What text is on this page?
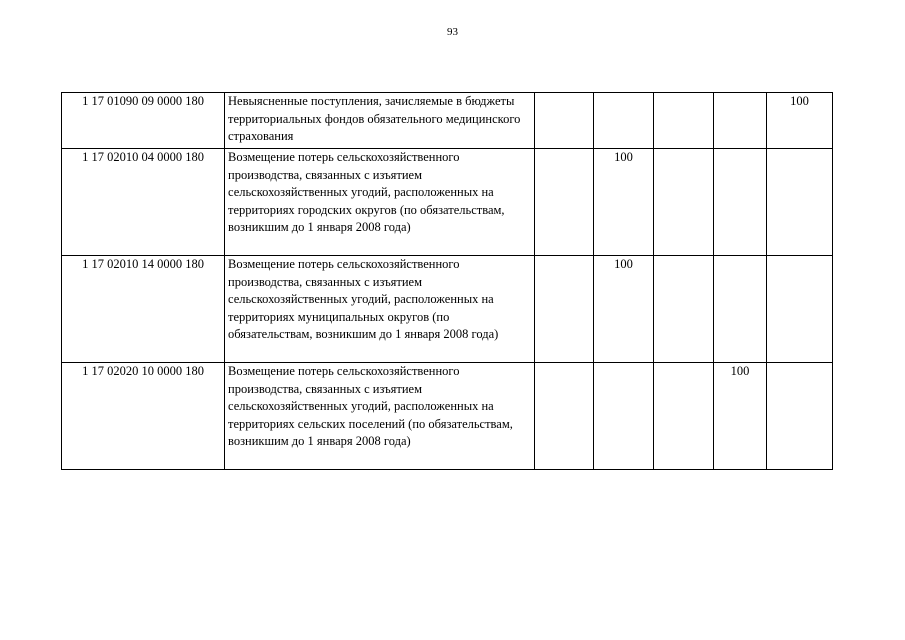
93
1 17 01090 09 0000 180	Невыясненные поступления, зачисляемые в бюджеты территориальных фондов обязательного медицинского страхования					100
1 17 02010 04 0000 180	Возмещение потерь сельскохозяйственного производства, связанных с изъятием сельскохозяйственных угодий, расположенных на территориях городских округов (по обязательствам, возникшим до 1 января 2008 года)		100			
1 17 02010 14 0000 180	Возмещение потерь сельскохозяйственного производства, связанных с изъятием сельскохозяйственных угодий, расположенных на территориях муниципальных округов (по обязательствам, возникшим до 1 января 2008 года)		100			
1 17 02020 10 0000 180	Возмещение потерь сельскохозяйственного производства, связанных с изъятием сельскохозяйственных угодий, расположенных на территориях сельских поселений (по обязательствам, возникшим до 1 января 2008 года)				100	
